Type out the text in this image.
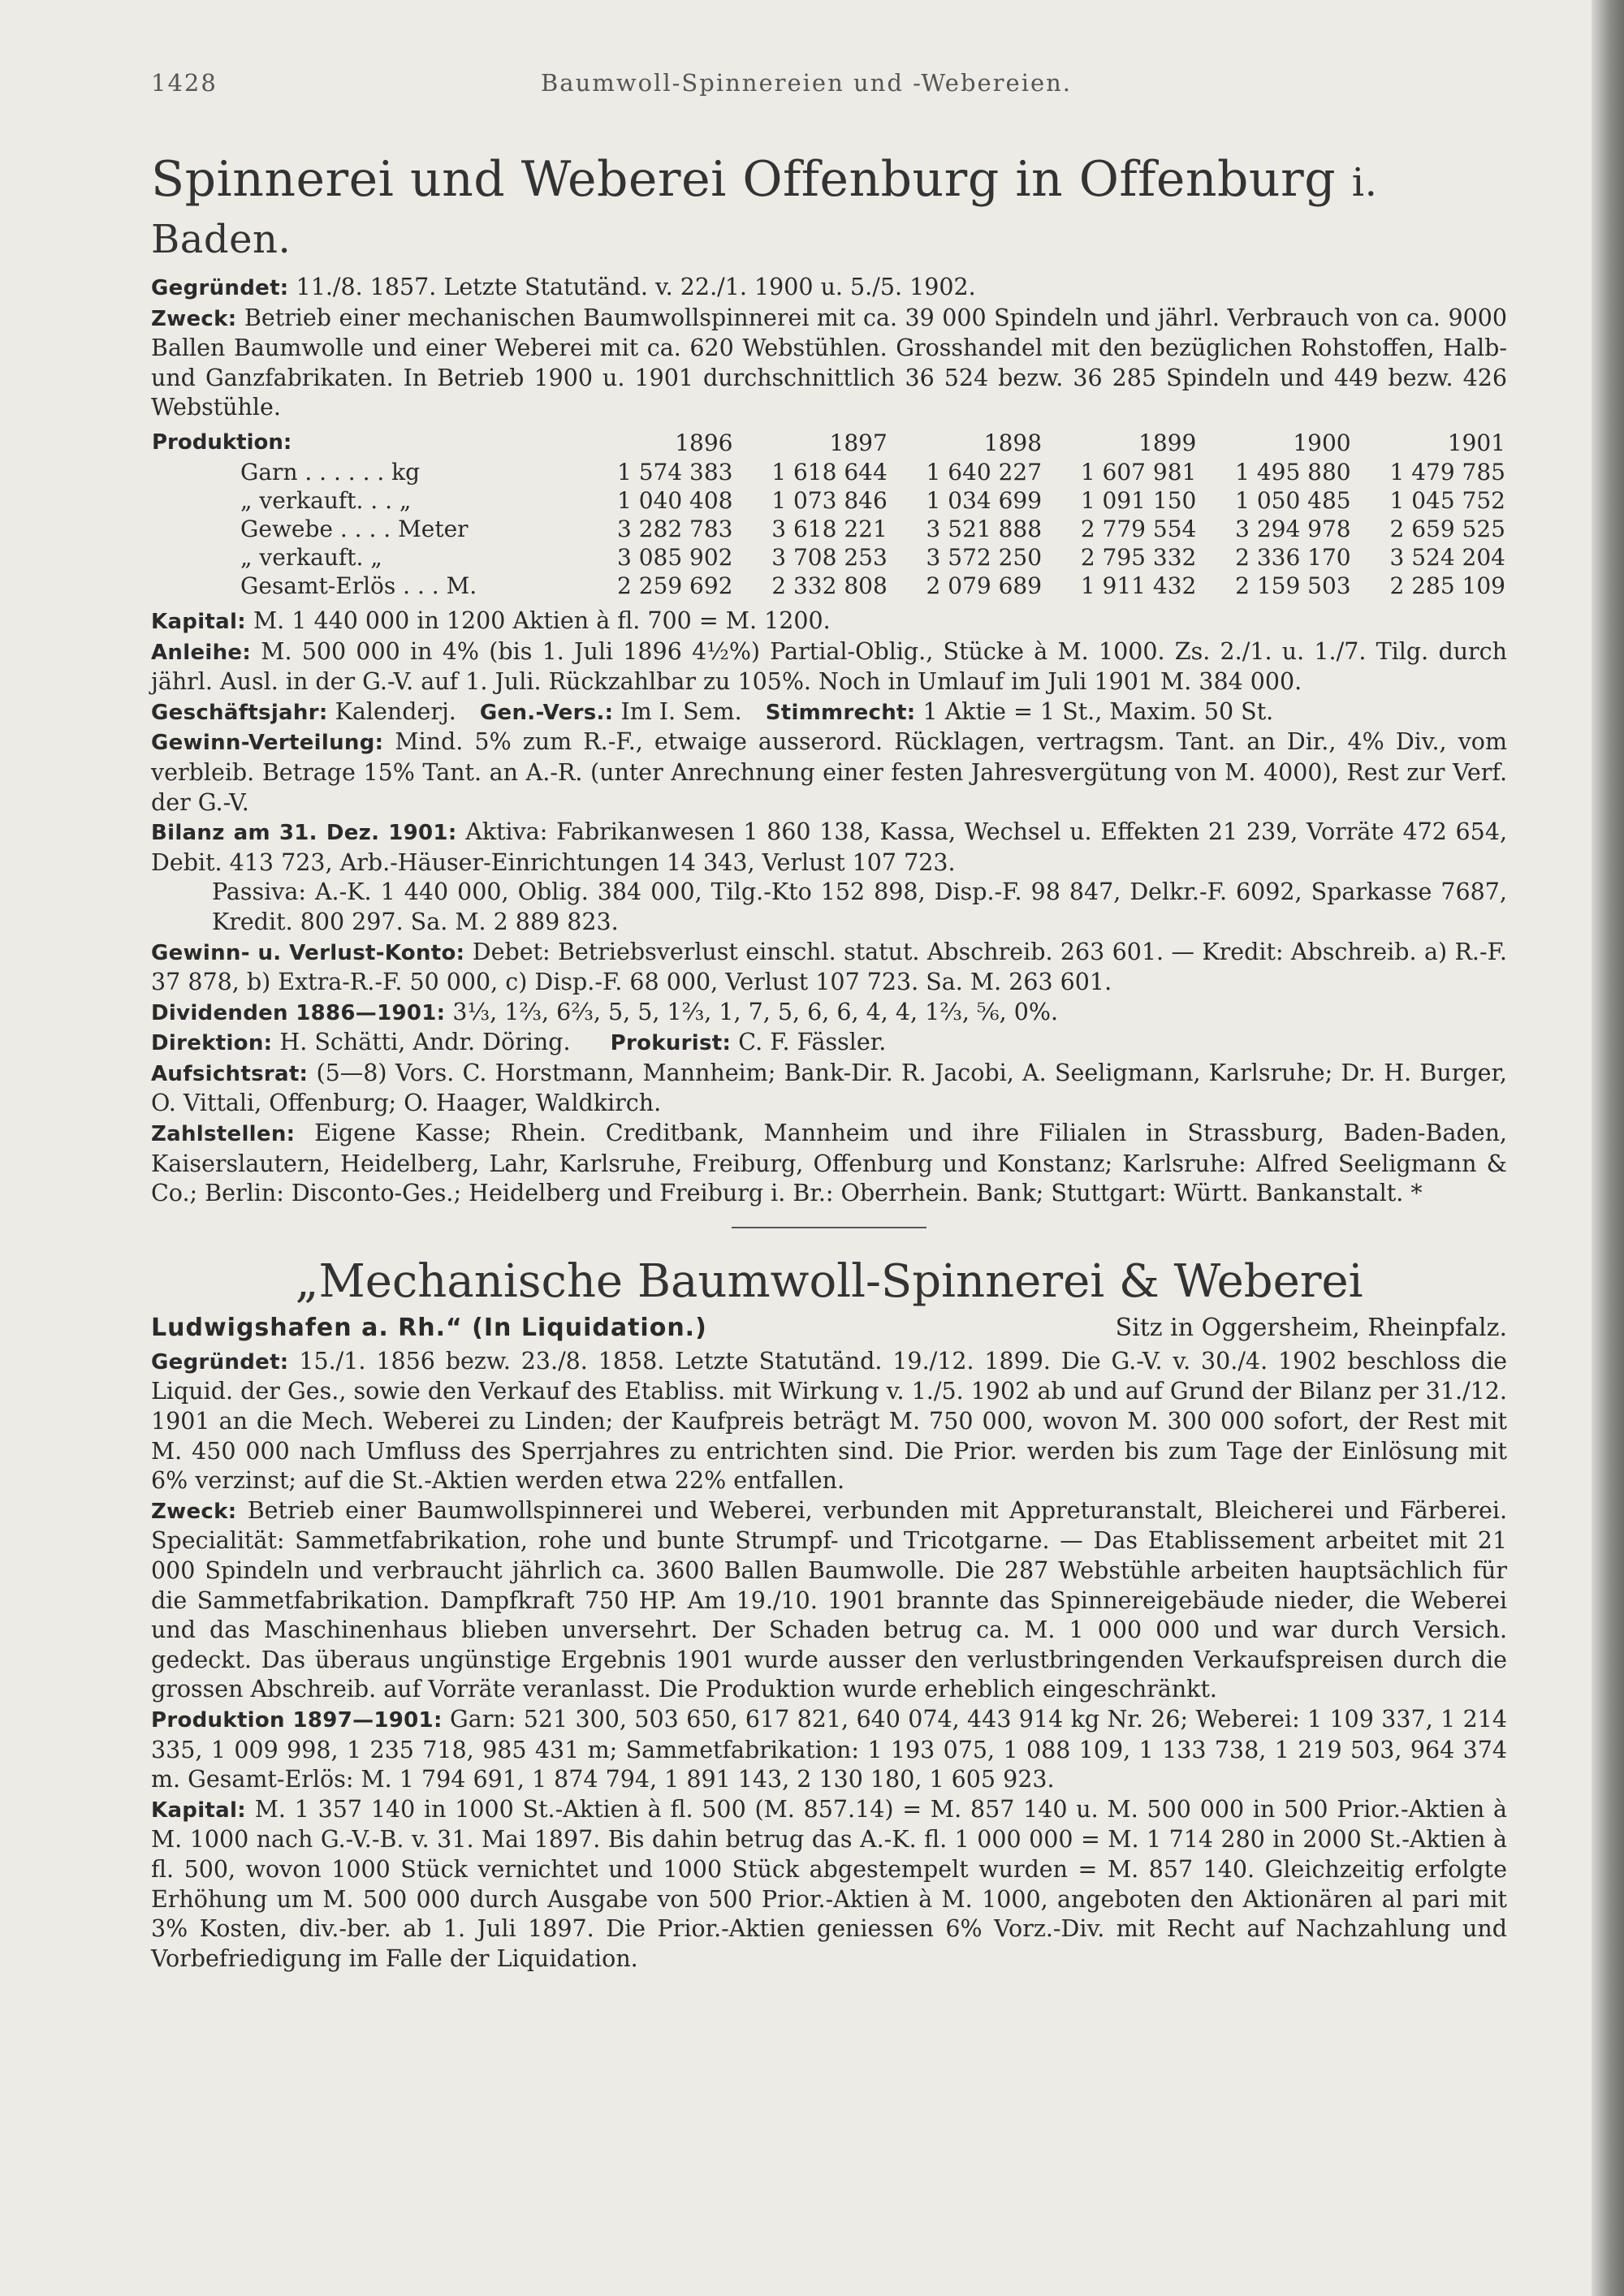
1428	Baumwoll-Spinnereien und -Webereien.
Spinnerei und Weberei Offenburg in Offenburg i. Baden.

Gegründet: 11./8. 1857. Letzte Statutänd. v. 22./1. 1900 u. 5./5. 1902.

Zweck: Betrieb einer mechanischen Baumwollspinnerei mit ca. 39 000 Spindeln und jährl. Verbrauch von ca. 9000 Ballen Baumwolle und einer Weberei mit ca. 620 Webstühlen. Grosshandel mit den bezüglichen Rohstoffen, Halb- und Ganzfabrikaten. In Betrieb 1900 u. 1901 durchschnittlich 36 524 bezw. 36 285 Spindeln und 449 bezw. 426 Webstühle.

Produktion:	1896	1897	1898	1899	1900	1901
Garn . . . . . . kg	1 574 383	1 618 644	1 640 227	1 607 981	1 495 880	1 479 785
„ verkauft. . . „	1 040 408	1 073 846	1 034 699	1 091 150	1 050 485	1 045 752
Gewebe . . . . Meter	3 282 783	3 618 221	3 521 888	2 779 554	3 294 978	2 659 525
„ verkauft. „	3 085 902	3 708 253	3 572 250	2 795 332	2 336 170	3 524 204
Gesamt-Erlös . . . M.	2 259 692	2 332 808	2 079 689	1 911 432	2 159 503	2 285 109

Kapital: M. 1 440 000 in 1200 Aktien à fl. 700 = M. 1200.

Anleihe: M. 500 000 in 4% (bis 1. Juli 1896 4½%) Partial-Oblig., Stücke à M. 1000. Zs. 2./1. u. 1./7. Tilg. durch jährl. Ausl. in der G.-V. auf 1. Juli. Rückzahlbar zu 105%. Noch in Umlauf im Juli 1901 M. 384 000.

Geschäftsjahr: Kalenderj. Gen.-Vers.: Im I. Sem. Stimmrecht: 1 Aktie = 1 St., Maxim. 50 St.

Gewinn-Verteilung: Mind. 5% zum R.-F., etwaige ausserord. Rücklagen, vertragsm. Tant. an Dir., 4% Div., vom verbleib. Betrage 15% Tant. an A.-R. (unter Anrechnung einer festen Jahresvergütung von M. 4000), Rest zur Verf. der G.-V.

Bilanz am 31. Dez. 1901: Aktiva: Fabrikanwesen 1 860 138, Kassa, Wechsel u. Effekten 21 239, Vorräte 472 654, Debit. 413 723, Arb.-Häuser-Einrichtungen 14 343, Verlust 107 723.

Passiva: A.-K. 1 440 000, Oblig. 384 000, Tilg.-Kto 152 898, Disp.-F. 98 847, Delkr.-F. 6092, Sparkasse 7687, Kredit. 800 297. Sa. M. 2 889 823.

Gewinn- u. Verlust-Konto: Debet: Betriebsverlust einschl. statut. Abschreib. 263 601. — Kredit: Abschreib. a) R.-F. 37 878, b) Extra-R.-F. 50 000, c) Disp.-F. 68 000, Verlust 107 723. Sa. M. 263 601.

Dividenden 1886—1901: 3⅓, 1⅔, 6⅔, 5, 5, 1⅔, 1, 7, 5, 6, 6, 4, 4, 1⅔, ⅚, 0%.

Direktion: H. Schätti, Andr. Döring. Prokurist: C. F. Fässler.

Aufsichtsrat: (5—8) Vors. C. Horstmann, Mannheim; Bank-Dir. R. Jacobi, A. Seeligmann, Karlsruhe; Dr. H. Burger, O. Vittali, Offenburg; O. Haager, Waldkirch.

Zahlstellen: Eigene Kasse; Rhein. Creditbank, Mannheim und ihre Filialen in Strassburg, Baden-Baden, Kaiserslautern, Heidelberg, Lahr, Karlsruhe, Freiburg, Offenburg und Konstanz; Karlsruhe: Alfred Seeligmann & Co.; Berlin: Disconto-Ges.; Heidelberg und Freiburg i. Br.: Oberrhein. Bank; Stuttgart: Württ. Bankanstalt. *

„Mechanische Baumwoll-Spinnerei & Weberei
Ludwigshafen a. Rh.“ (In Liquidation.)	Sitz in Oggersheim, Rheinpfalz.

Gegründet: 15./1. 1856 bezw. 23./8. 1858. Letzte Statutänd. 19./12. 1899. Die G.-V. v. 30./4. 1902 beschloss die Liquid. der Ges., sowie den Verkauf des Etabliss. mit Wirkung v. 1./5. 1902 ab und auf Grund der Bilanz per 31./12. 1901 an die Mech. Weberei zu Linden; der Kaufpreis beträgt M. 750 000, wovon M. 300 000 sofort, der Rest mit M. 450 000 nach Umfluss des Sperrjahres zu entrichten sind. Die Prior. werden bis zum Tage der Einlösung mit 6% verzinst; auf die St.-Aktien werden etwa 22% entfallen.

Zweck: Betrieb einer Baumwollspinnerei und Weberei, verbunden mit Appreturanstalt, Bleicherei und Färberei. Specialität: Sammetfabrikation, rohe und bunte Strumpf- und Tricotgarne. — Das Etablissement arbeitet mit 21 000 Spindeln und verbraucht jährlich ca. 3600 Ballen Baumwolle. Die 287 Webstühle arbeiten hauptsächlich für die Sammetfabrikation. Dampfkraft 750 HP. Am 19./10. 1901 brannte das Spinnereigebäude nieder, die Weberei und das Maschinenhaus blieben unversehrt. Der Schaden betrug ca. M. 1 000 000 und war durch Versich. gedeckt. Das überaus ungünstige Ergebnis 1901 wurde ausser den verlustbringenden Verkaufspreisen durch die grossen Abschreib. auf Vorräte veranlasst. Die Produktion wurde erheblich eingeschränkt.

Produktion 1897—1901: Garn: 521 300, 503 650, 617 821, 640 074, 443 914 kg Nr. 26; Weberei: 1 109 337, 1 214 335, 1 009 998, 1 235 718, 985 431 m; Sammetfabrikation: 1 193 075, 1 088 109, 1 133 738, 1 219 503, 964 374 m. Gesamt-Erlös: M. 1 794 691, 1 874 794, 1 891 143, 2 130 180, 1 605 923.

Kapital: M. 1 357 140 in 1000 St.-Aktien à fl. 500 (M. 857.14) = M. 857 140 u. M. 500 000 in 500 Prior.-Aktien à M. 1000 nach G.-V.-B. v. 31. Mai 1897. Bis dahin betrug das A.-K. fl. 1 000 000 = M. 1 714 280 in 2000 St.-Aktien à fl. 500, wovon 1000 Stück vernichtet und 1000 Stück abgestempelt wurden = M. 857 140. Gleichzeitig erfolgte Erhöhung um M. 500 000 durch Ausgabe von 500 Prior.-Aktien à M. 1000, angeboten den Aktionären al pari mit 3% Kosten, div.-ber. ab 1. Juli 1897. Die Prior.-Aktien geniessen 6% Vorz.-Div. mit Recht auf Nachzahlung und Vorbefriedigung im Falle der Liquidation.
